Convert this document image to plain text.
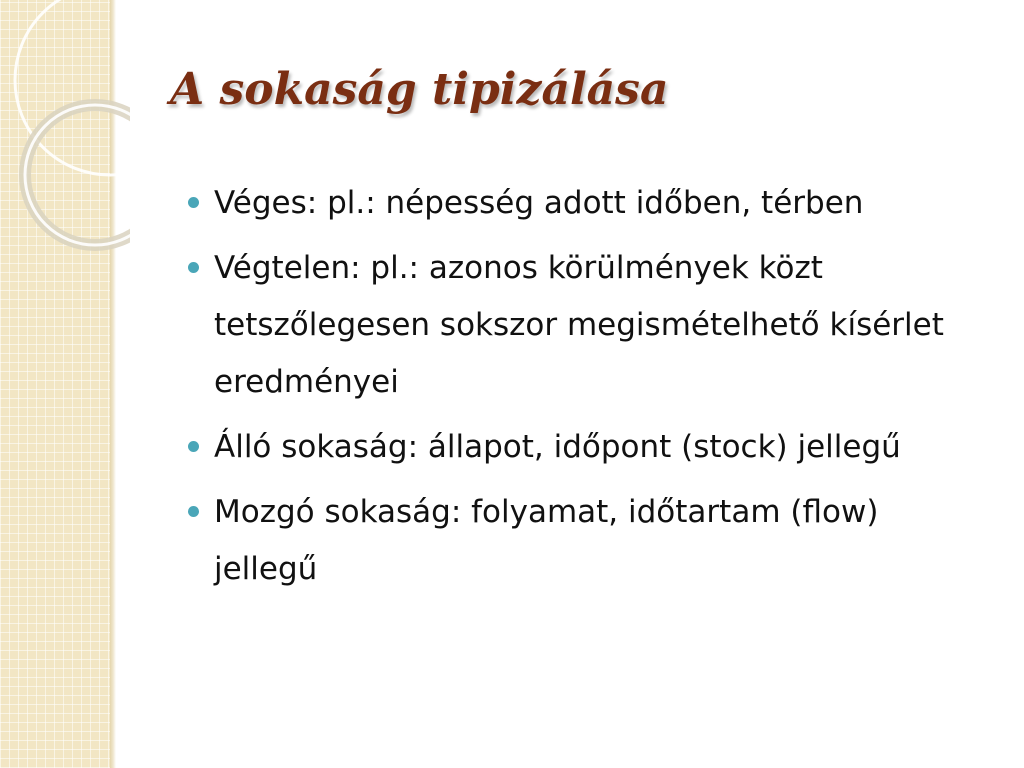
A sokaság tipizálása
Véges: pl.: népesség adott időben, térben
Végtelen: pl.: azonos körülmények közt tetszőlegesen sokszor megismételhető kísérlet eredményei
Álló sokaság: állapot, időpont (stock) jellegű
Mozgó sokaság: folyamat, időtartam (flow) jellegű
